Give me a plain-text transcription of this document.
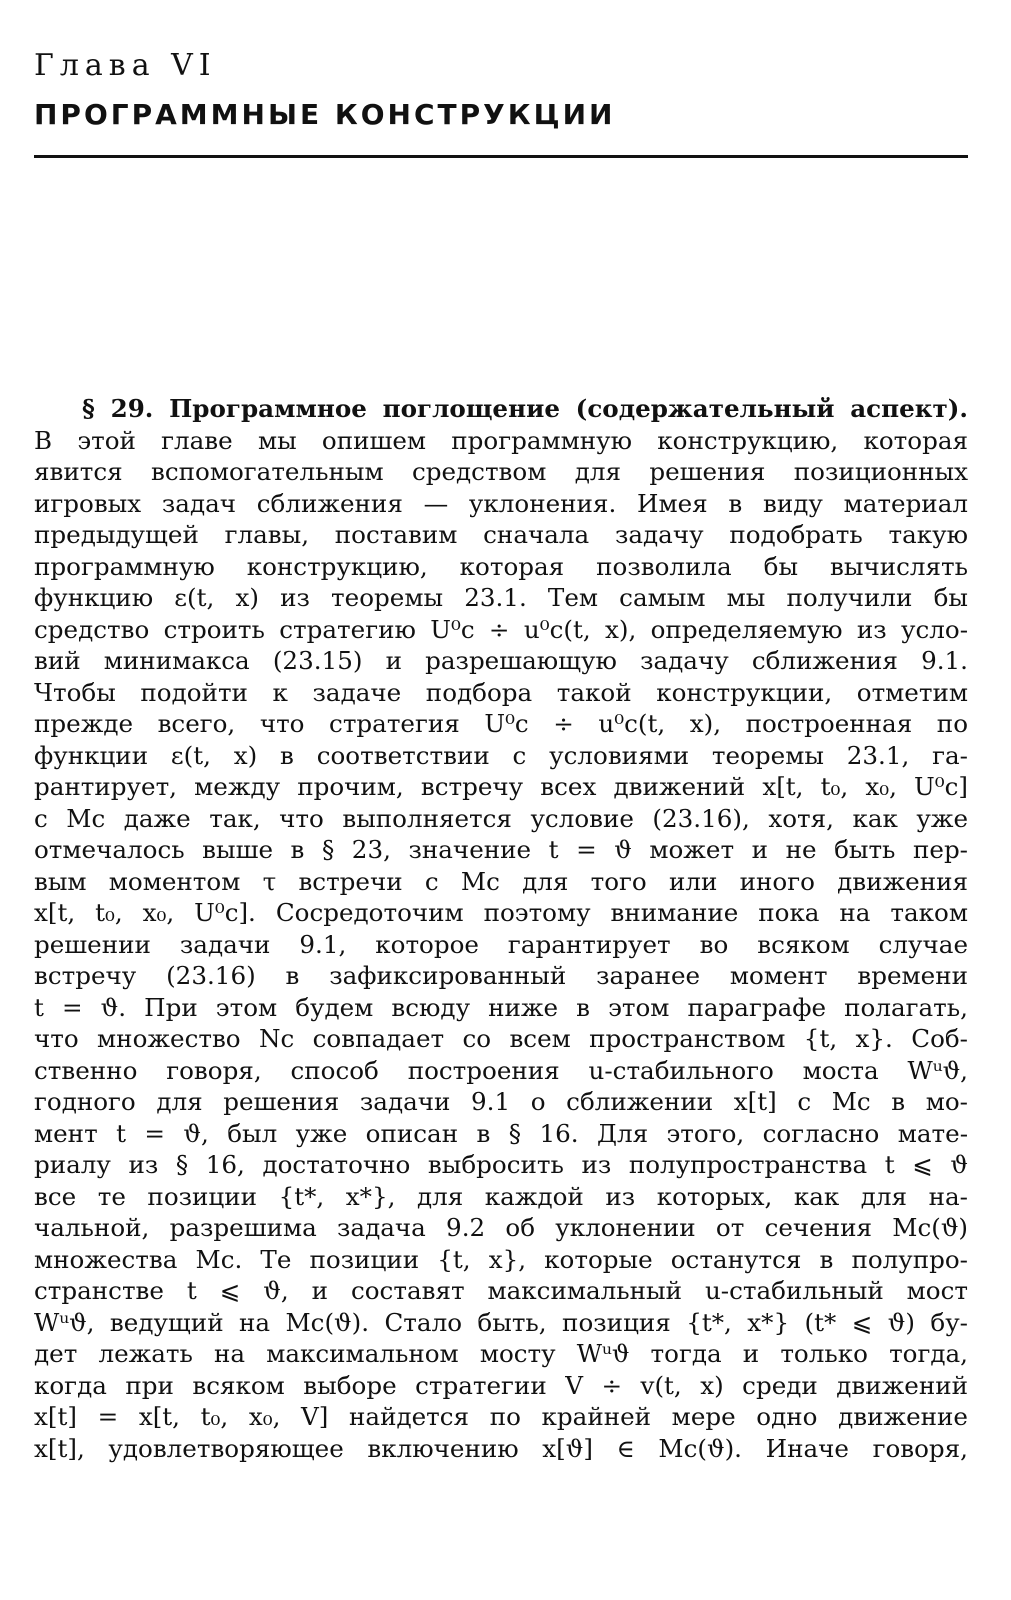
Глава VI
ПРОГРАММНЫЕ КОНСТРУКЦИИ
§ 29. Программное поглощение (содержательный аспект).
В этой главе мы опишем программную конструкцию, которая
явится вспомогательным средством для решения позиционных
игровых задач сближения — уклонения. Имея в виду материал
предыдущей главы, поставим сначала задачу подобрать такую
программную конструкцию, которая позволила бы вычислять
функцию ε(t, x) из теоремы 23.1. Тем самым мы получили бы
средство строить стратегию U⁰c ÷ u⁰c(t, x), определяемую из усло-
вий минимакса (23.15) и разрешающую задачу сближения 9.1.
Чтобы подойти к задаче подбора такой конструкции, отметим
прежде всего, что стратегия U⁰c ÷ u⁰c(t, x), построенная по
функции ε(t, x) в соответствии с условиями теоремы 23.1, га-
рантирует, между прочим, встречу всех движений x[t, t₀, x₀, U⁰c]
с Mc даже так, что выполняется условие (23.16), хотя, как уже
отмечалось выше в § 23, значение t = ϑ может и не быть пер-
вым моментом τ встречи с Mc для того или иного движения
x[t, t₀, x₀, U⁰c]. Сосредоточим поэтому внимание пока на таком
решении задачи 9.1, которое гарантирует во всяком случае
встречу (23.16) в зафиксированный заранее момент времени
t = ϑ. При этом будем всюду ниже в этом параграфе полагать,
что множество Nc совпадает со всем пространством {t, x}. Соб-
ственно говоря, способ построения u-стабильного моста Wᵘϑ,
годного для решения задачи 9.1 о сближении x[t] с Mc в мо-
мент t = ϑ, был уже описан в § 16. Для этого, согласно мате-
риалу из § 16, достаточно выбросить из полупространства t ⩽ ϑ
все те позиции {t*, x*}, для каждой из которых, как для на-
чальной, разрешима задача 9.2 об уклонении от сечения Mc(ϑ)
множества Mc. Те позиции {t, x}, которые останутся в полупро-
странстве t ⩽ ϑ, и составят максимальный u-стабильный мост
Wᵘϑ, ведущий на Mc(ϑ). Стало быть, позиция {t*, x*} (t* ⩽ ϑ) бу-
дет лежать на максимальном мосту Wᵘϑ тогда и только тогда,
когда при всяком выборе стратегии V ÷ v(t, x) среди движений
x[t] = x[t, t₀, x₀, V] найдется по крайней мере одно движение
x[t], удовлетворяющее включению x[ϑ] ∈ Mc(ϑ). Иначе говоря,
